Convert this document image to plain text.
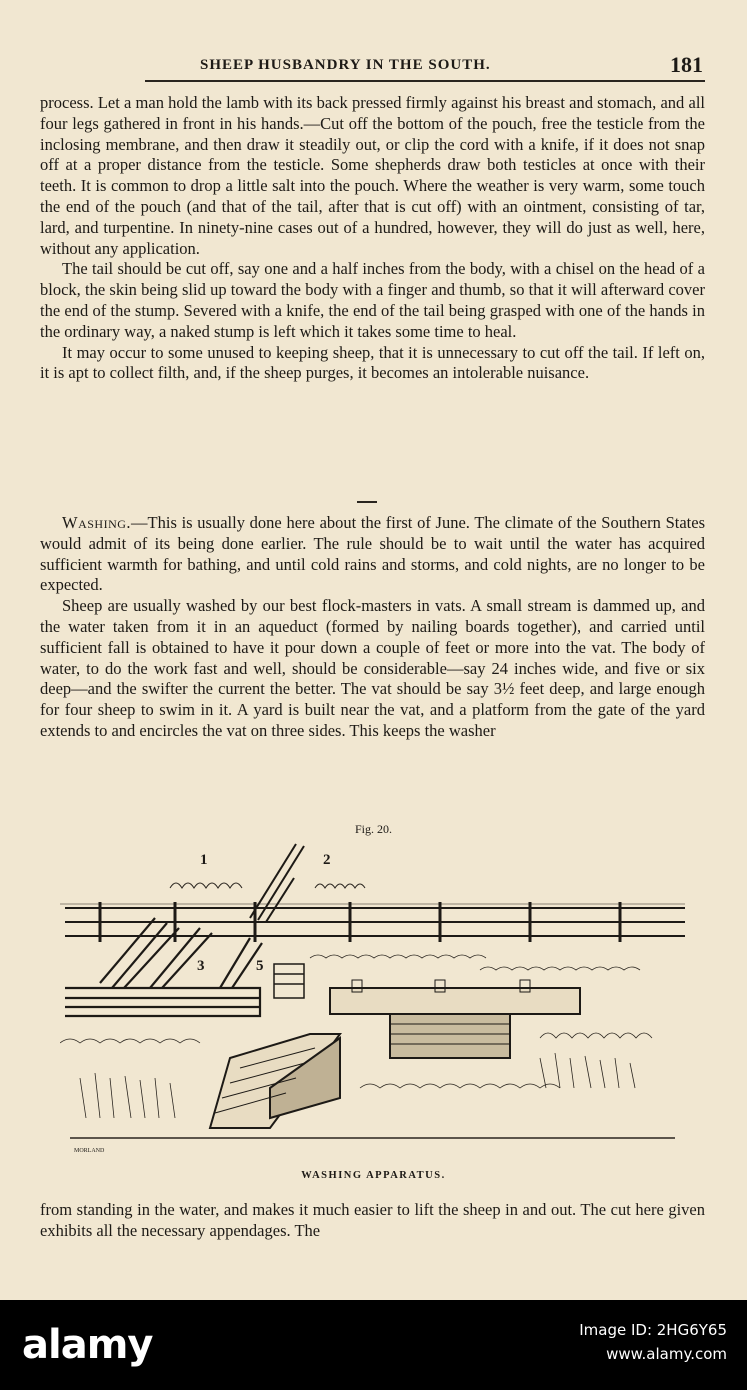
SHEEP HUSBANDRY IN THE SOUTH.	181

process. Let a man hold the lamb with its back pressed firmly against his breast and stomach, and all four legs gathered in front in his hands.—Cut off the bottom of the pouch, free the testicle from the inclosing membrane, and then draw it steadily out, or clip the cord with a knife, if it does not snap off at a proper distance from the testicle. Some shepherds draw both testicles at once with their teeth. It is common to drop a little salt into the pouch. Where the weather is very warm, some touch the end of the pouch (and that of the tail, after that is cut off) with an ointment, consisting of tar, lard, and turpentine. In ninety-nine cases out of a hundred, however, they will do just as well, here, without any application.

The tail should be cut off, say one and a half inches from the body, with a chisel on the head of a block, the skin being slid up toward the body with a finger and thumb, so that it will afterward cover the end of the stump. Severed with a knife, the end of the tail being grasped with one of the hands in the ordinary way, a naked stump is left which it takes some time to heal.

It may occur to some unused to keeping sheep, that it is unnecessary to cut off the tail. If left on, it is apt to collect filth, and, if the sheep purges, it becomes an intolerable nuisance.

Washing.—This is usually done here about the first of June. The climate of the Southern States would admit of its being done earlier. The rule should be to wait until the water has acquired sufficient warmth for bathing, and until cold rains and storms, and cold nights, are no longer to be expected.

Sheep are usually washed by our best flock-masters in vats. A small stream is dammed up, and the water taken from it in an aqueduct (formed by nailing boards together), and carried until sufficient fall is obtained to have it pour down a couple of feet or more into the vat. The body of water, to do the work fast and well, should be considerable—say 24 inches wide, and five or six deep—and the swifter the current the better. The vat should be say 3½ feet deep, and large enough for four sheep to swim in it. A yard is built near the vat, and a platform from the gate of the yard extends to and encircles the vat on three sides. This keeps the washer

Fig. 20.
1	2
3	5
MORLAND
WASHING APPARATUS.

from standing in the water, and makes it much easier to lift the sheep in and out. The cut here given exhibits all the necessary appendages. The

alamy	Image ID: 2HG6Y65
www.alamy.com
